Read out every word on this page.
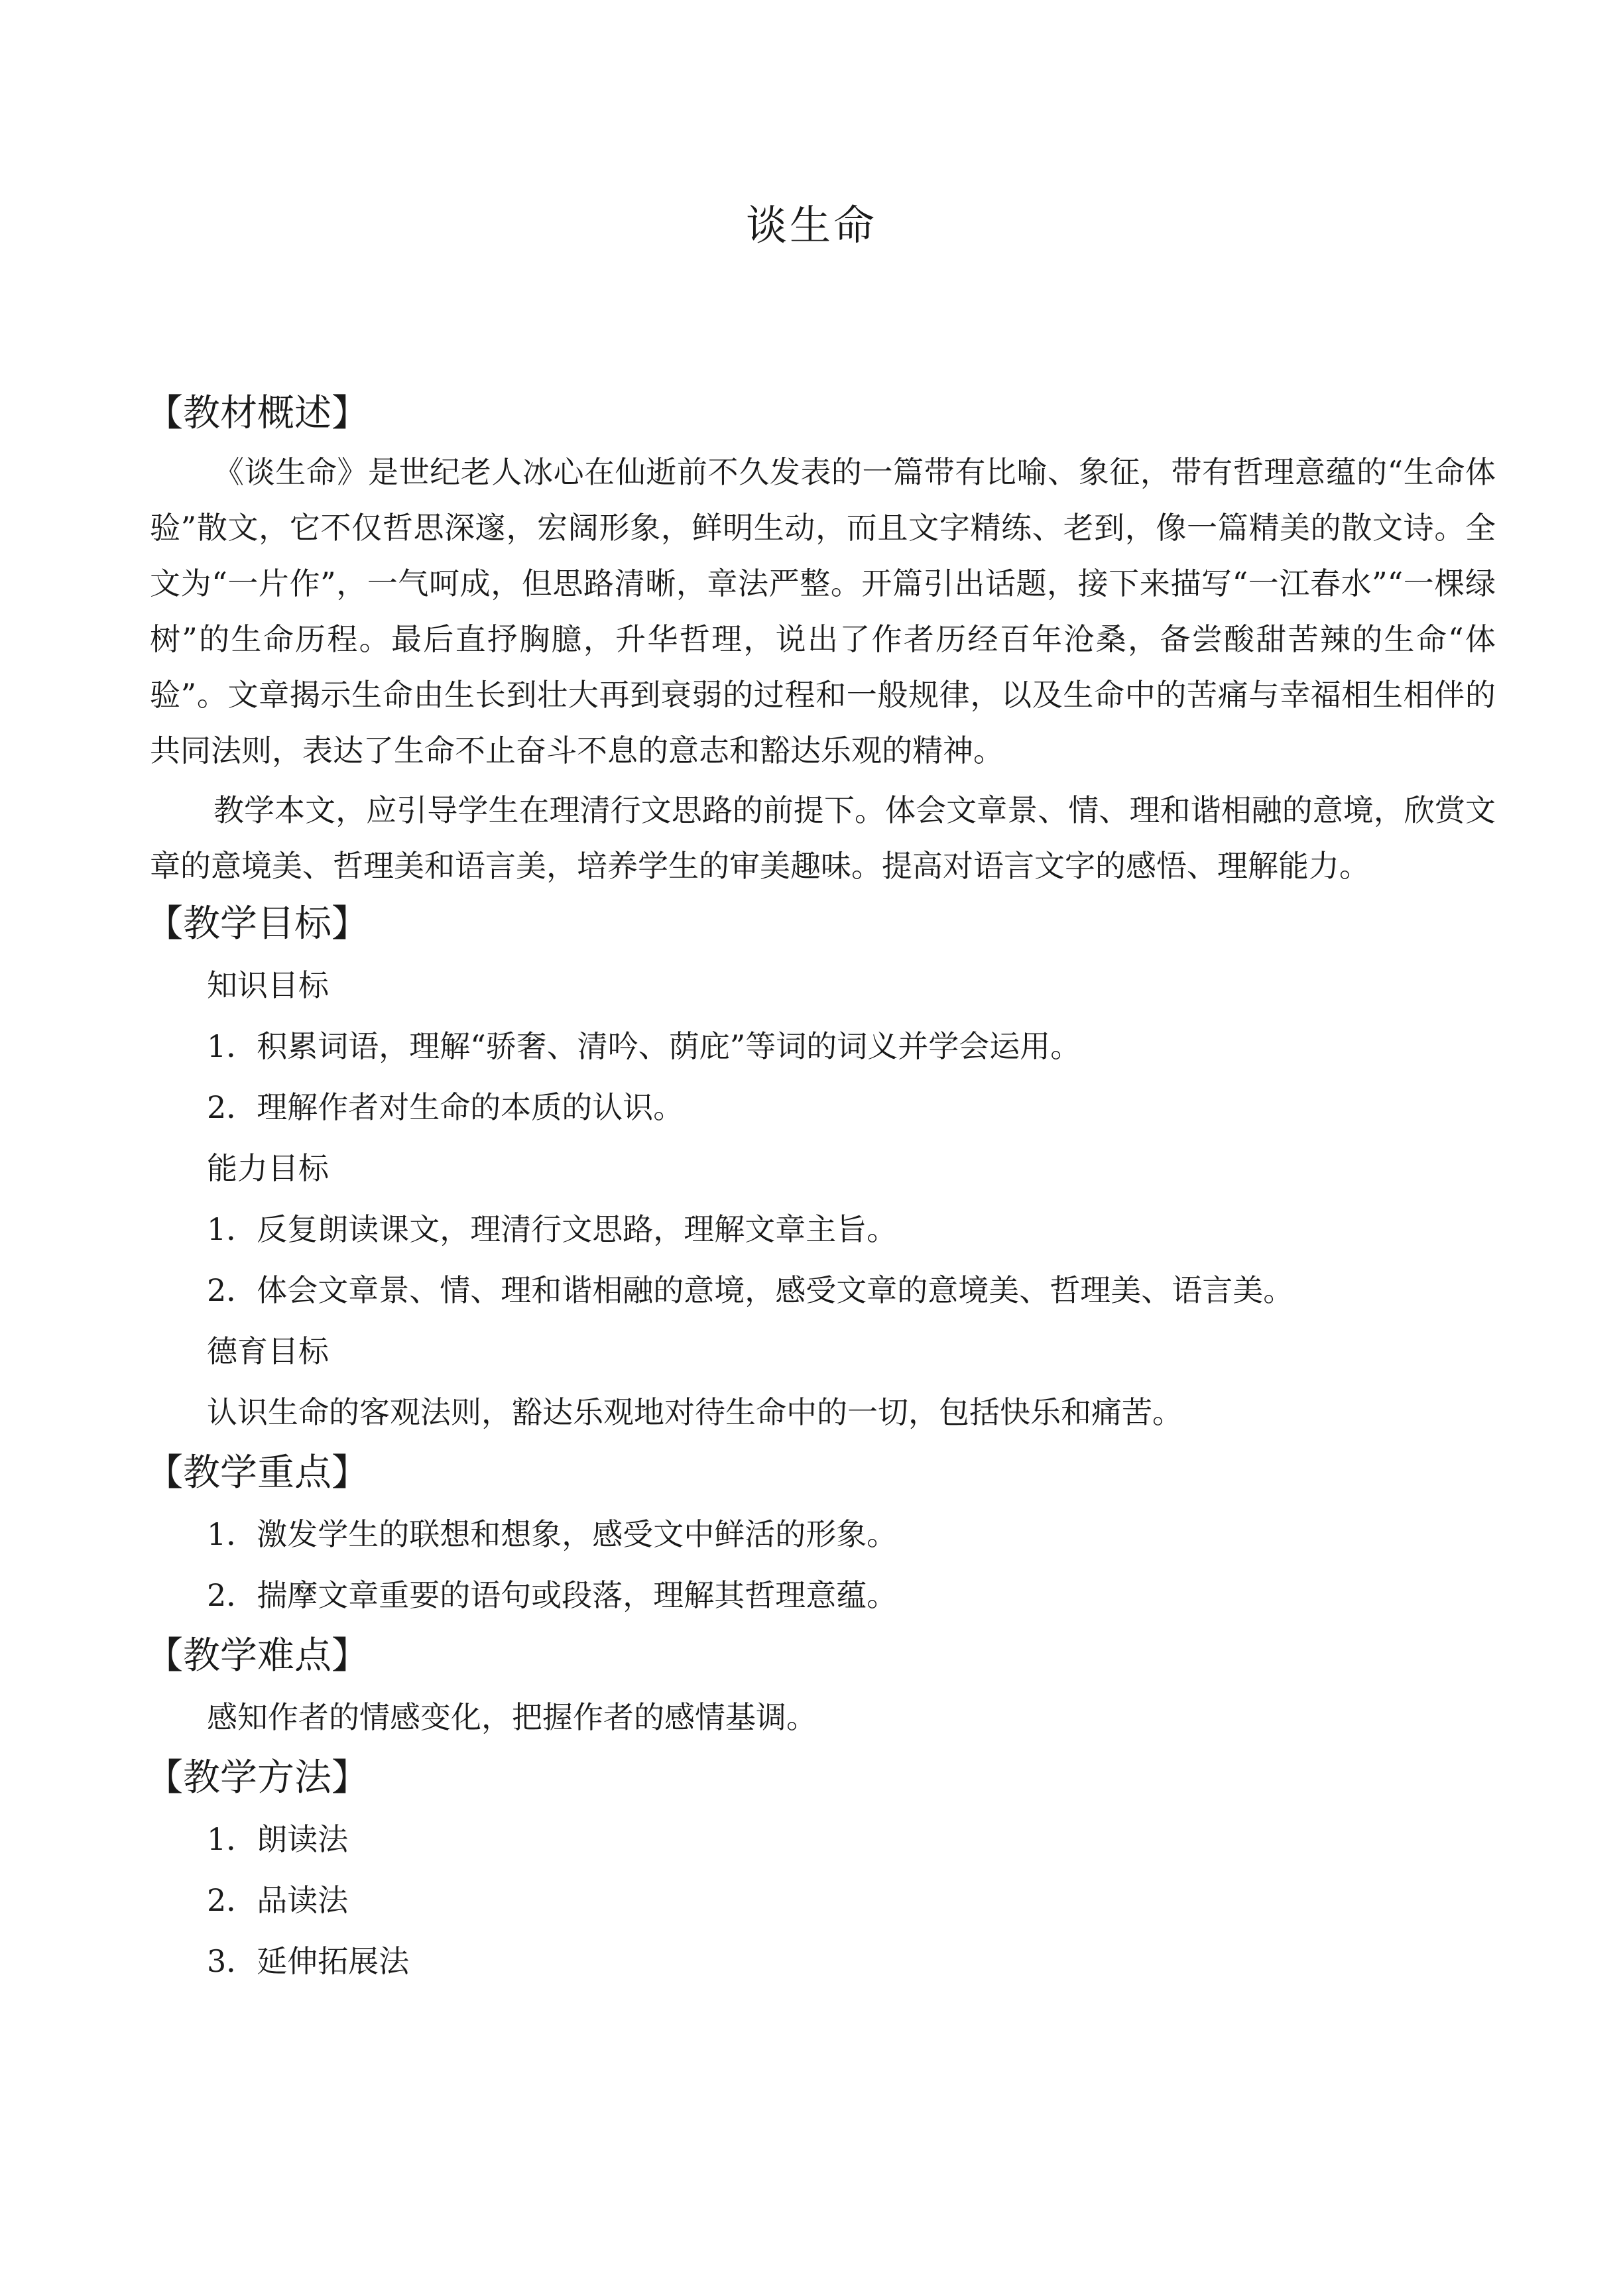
谈生命
【教材概述】

《谈生命》是世纪老人冰心在仙逝前不久发表的一篇带有比喻、象征，带有哲理意蕴的“生命体验”散文，它不仅哲思深邃，宏阔形象，鲜明生动，而且文字精练、老到，像一篇精美的散文诗。全文为“一片作”，一气呵成，但思路清晰，章法严整。开篇引出话题，接下来描写“一江春水”“一棵绿树”的生命历程。最后直抒胸臆，升华哲理，说出了作者历经百年沧桑，备尝酸甜苦辣的生命“体验”。文章揭示生命由生长到壮大再到衰弱的过程和一般规律，以及生命中的苦痛与幸福相生相伴的共同法则，表达了生命不止奋斗不息的意志和豁达乐观的精神。

教学本文，应引导学生在理清行文思路的前提下。体会文章景、情、理和谐相融的意境，欣赏文章的意境美、哲理美和语言美，培养学生的审美趣味。提高对语言文字的感悟、理解能力。

【教学目标】
知识目标
1．积累词语，理解“骄奢、清吟、荫庇”等词的词义并学会运用。
2．理解作者对生命的本质的认识。
能力目标
1．反复朗读课文，理清行文思路，理解文章主旨。
2．体会文章景、情、理和谐相融的意境，感受文章的意境美、哲理美、语言美。
德育目标
认识生命的客观法则，豁达乐观地对待生命中的一切，包括快乐和痛苦。
【教学重点】
1．激发学生的联想和想象，感受文中鲜活的形象。
2．揣摩文章重要的语句或段落，理解其哲理意蕴。
【教学难点】
感知作者的情感变化，把握作者的感情基调。
【教学方法】
1．朗读法
2．品读法
3．延伸拓展法
